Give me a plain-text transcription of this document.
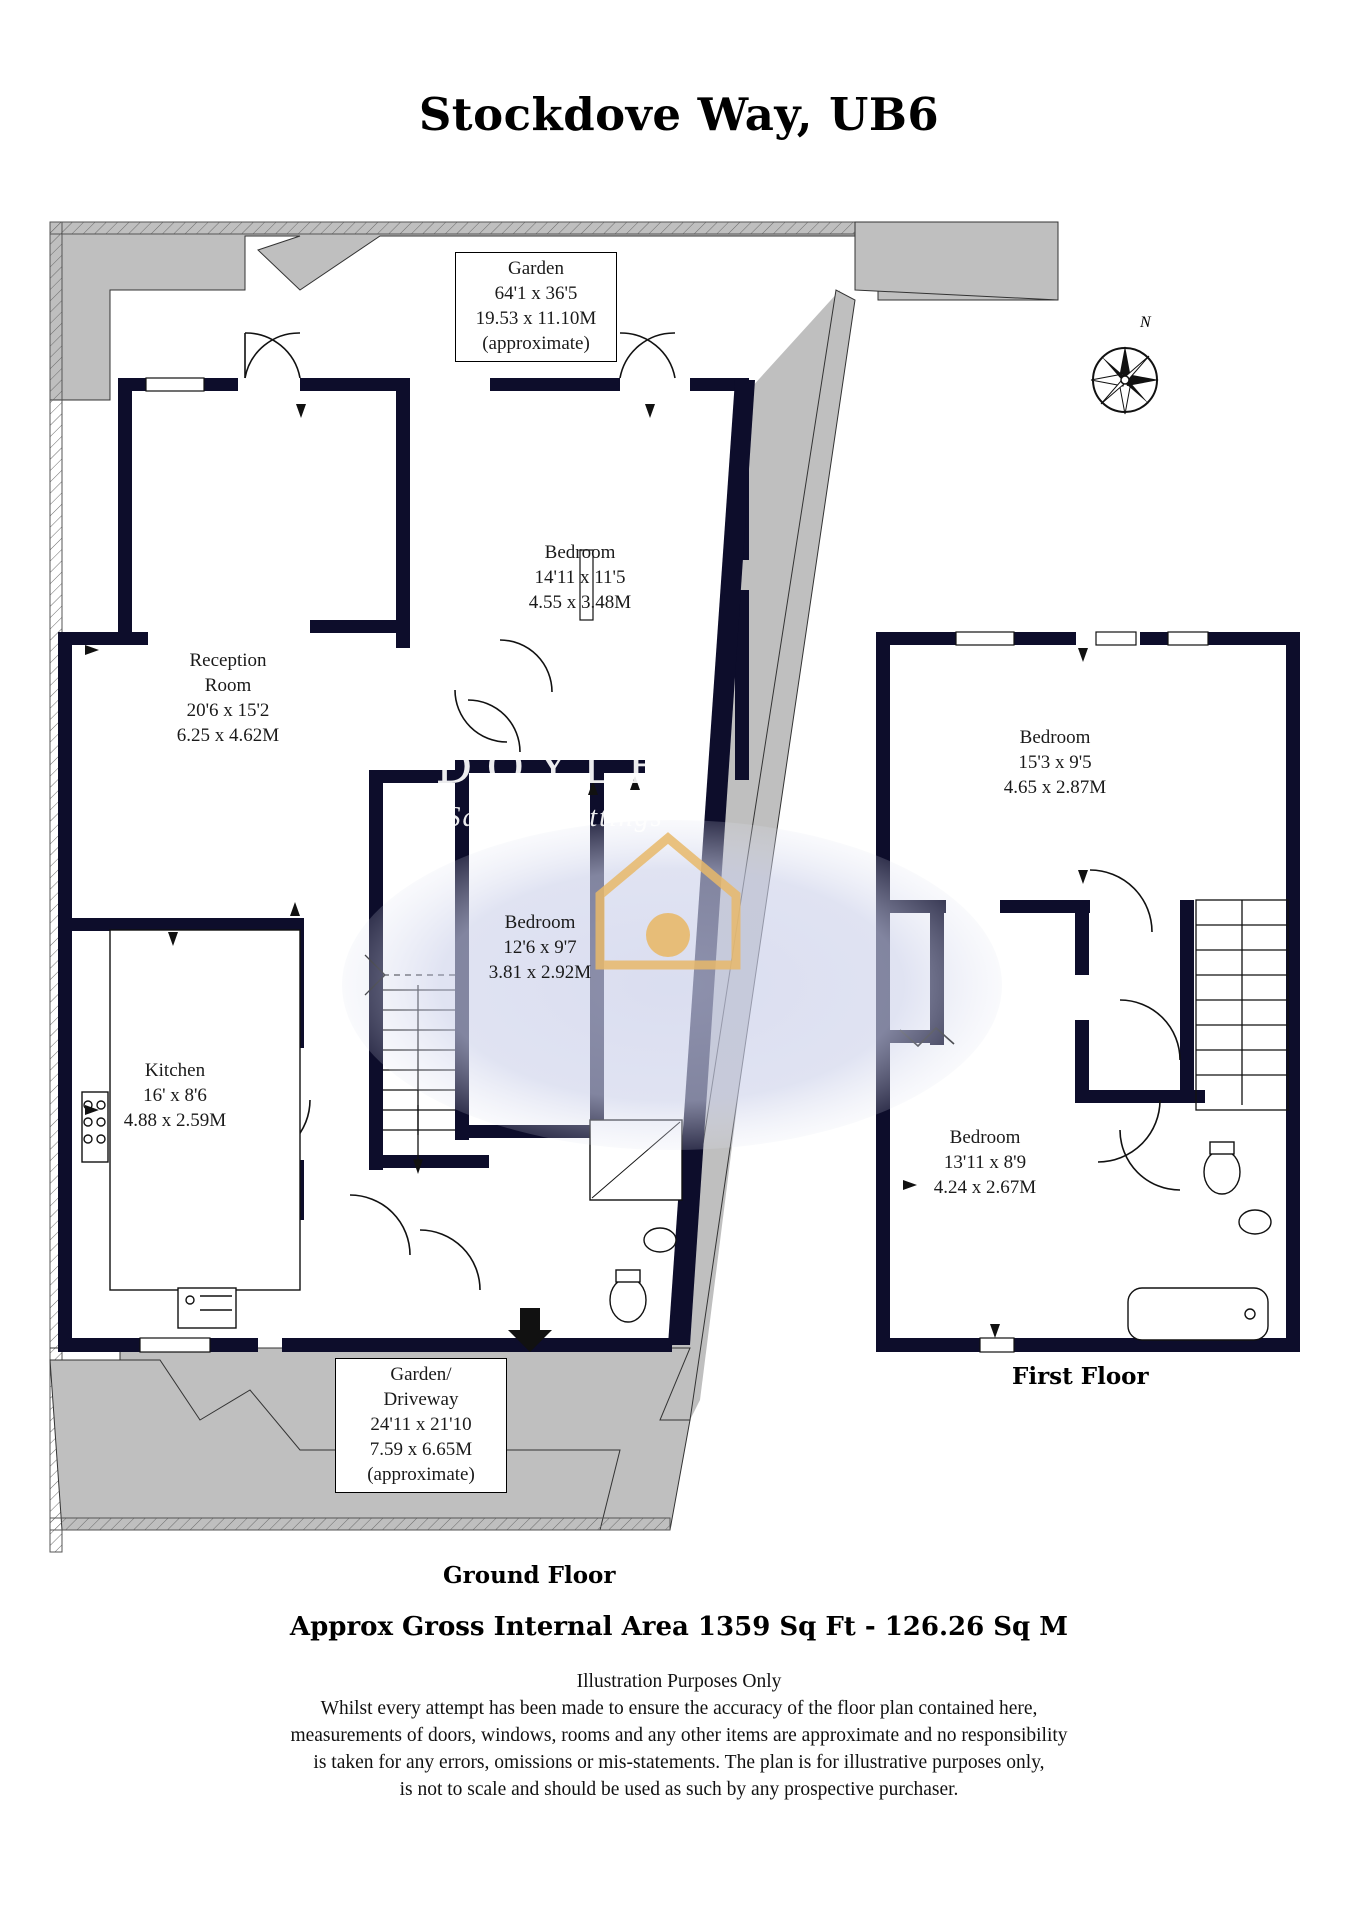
Stockdove Way, UB6
DOYLE
Sales & Lettings
N
Garden
64'1 x 36'5
19.53 x 11.10M
(approximate)
Bedroom
14'11 x 11'5
4.55 x 3.48M
Reception
Room
20'6 x 15'2
6.25 x 4.62M
Bedroom
12'6 x 9'7
3.81 x 2.92M
Kitchen
16' x 8'6
4.88 x 2.59M
Garden/
Driveway
24'11 x 21'10
7.59 x 6.65M
(approximate)
Bedroom
15'3 x 9'5
4.65 x 2.87M
Bedroom
13'11 x 8'9
4.24 x 2.67M
Ground Floor
First Floor
Approx Gross Internal Area 1359 Sq Ft - 126.26 Sq M
Illustration Purposes Only
Whilst every attempt has been made to ensure the accuracy of the floor plan contained here,
measurements of doors, windows, rooms and any other items are approximate and no responsibility
is taken for any errors, omissions or mis-statements. The plan is for illustrative purposes only,
is not to scale and should be used as such by any prospective purchaser.
